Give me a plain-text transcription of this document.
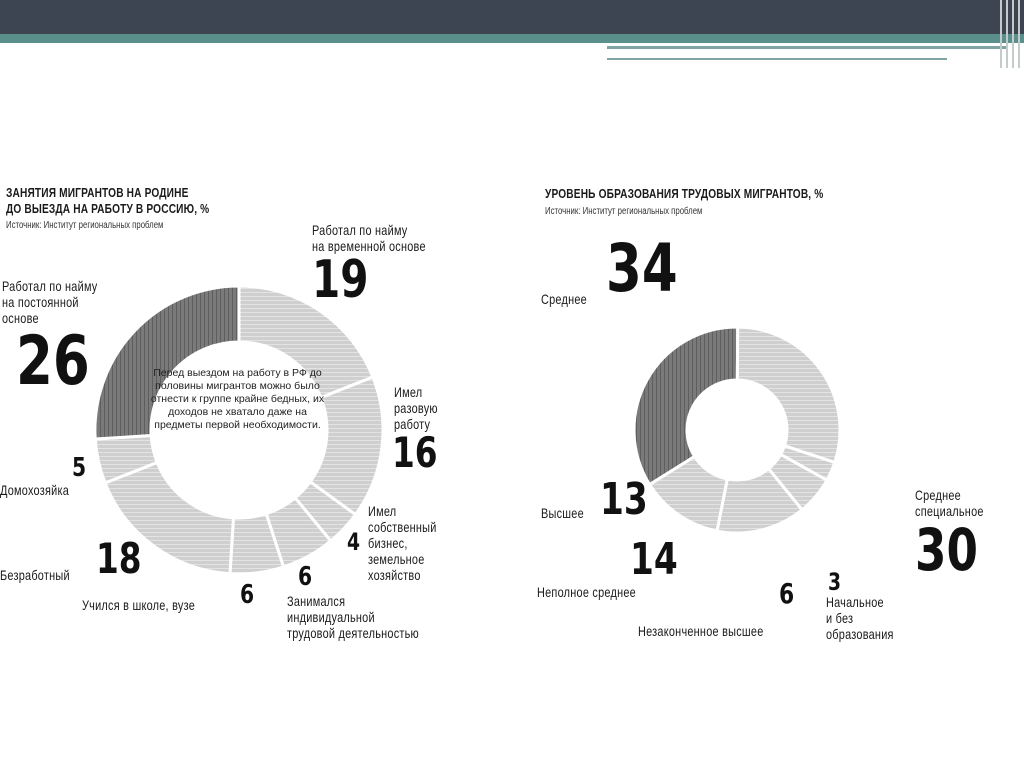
ЗАНЯТИЯ МИГРАНТОВ НА РОДИНЕ
ДО ВЫЕЗДА НА РАБОТУ В РОССИЮ, %
Источник: Институт региональных проблем
Перед выездом на работу в РФ до половины мигрантов можно было отнести к группе крайне бедных, их доходов не хватало даже на предметы первой необходимости.
Работал по найму
на временной основе
19
Имел
разовую
работу
16
Имел
собственный
бизнес,
земельное
хозяйство
4
Занимался
индивидуальной
трудовой деятельностью
6
Учился в школе, вузе 6
Безработный 18
Домохозяйка
5
Работал по найму
на постоянной
основе
26
УРОВЕНЬ ОБРАЗОВАНИЯ ТРУДОВЫХ МИГРАНТОВ, %
Источник: Институт региональных проблем
Среднее 34
Среднее
специальное
30
Начальное
и без
образования
3
Незаконченное высшее
6
Неполное среднее
14
Высшее 13
